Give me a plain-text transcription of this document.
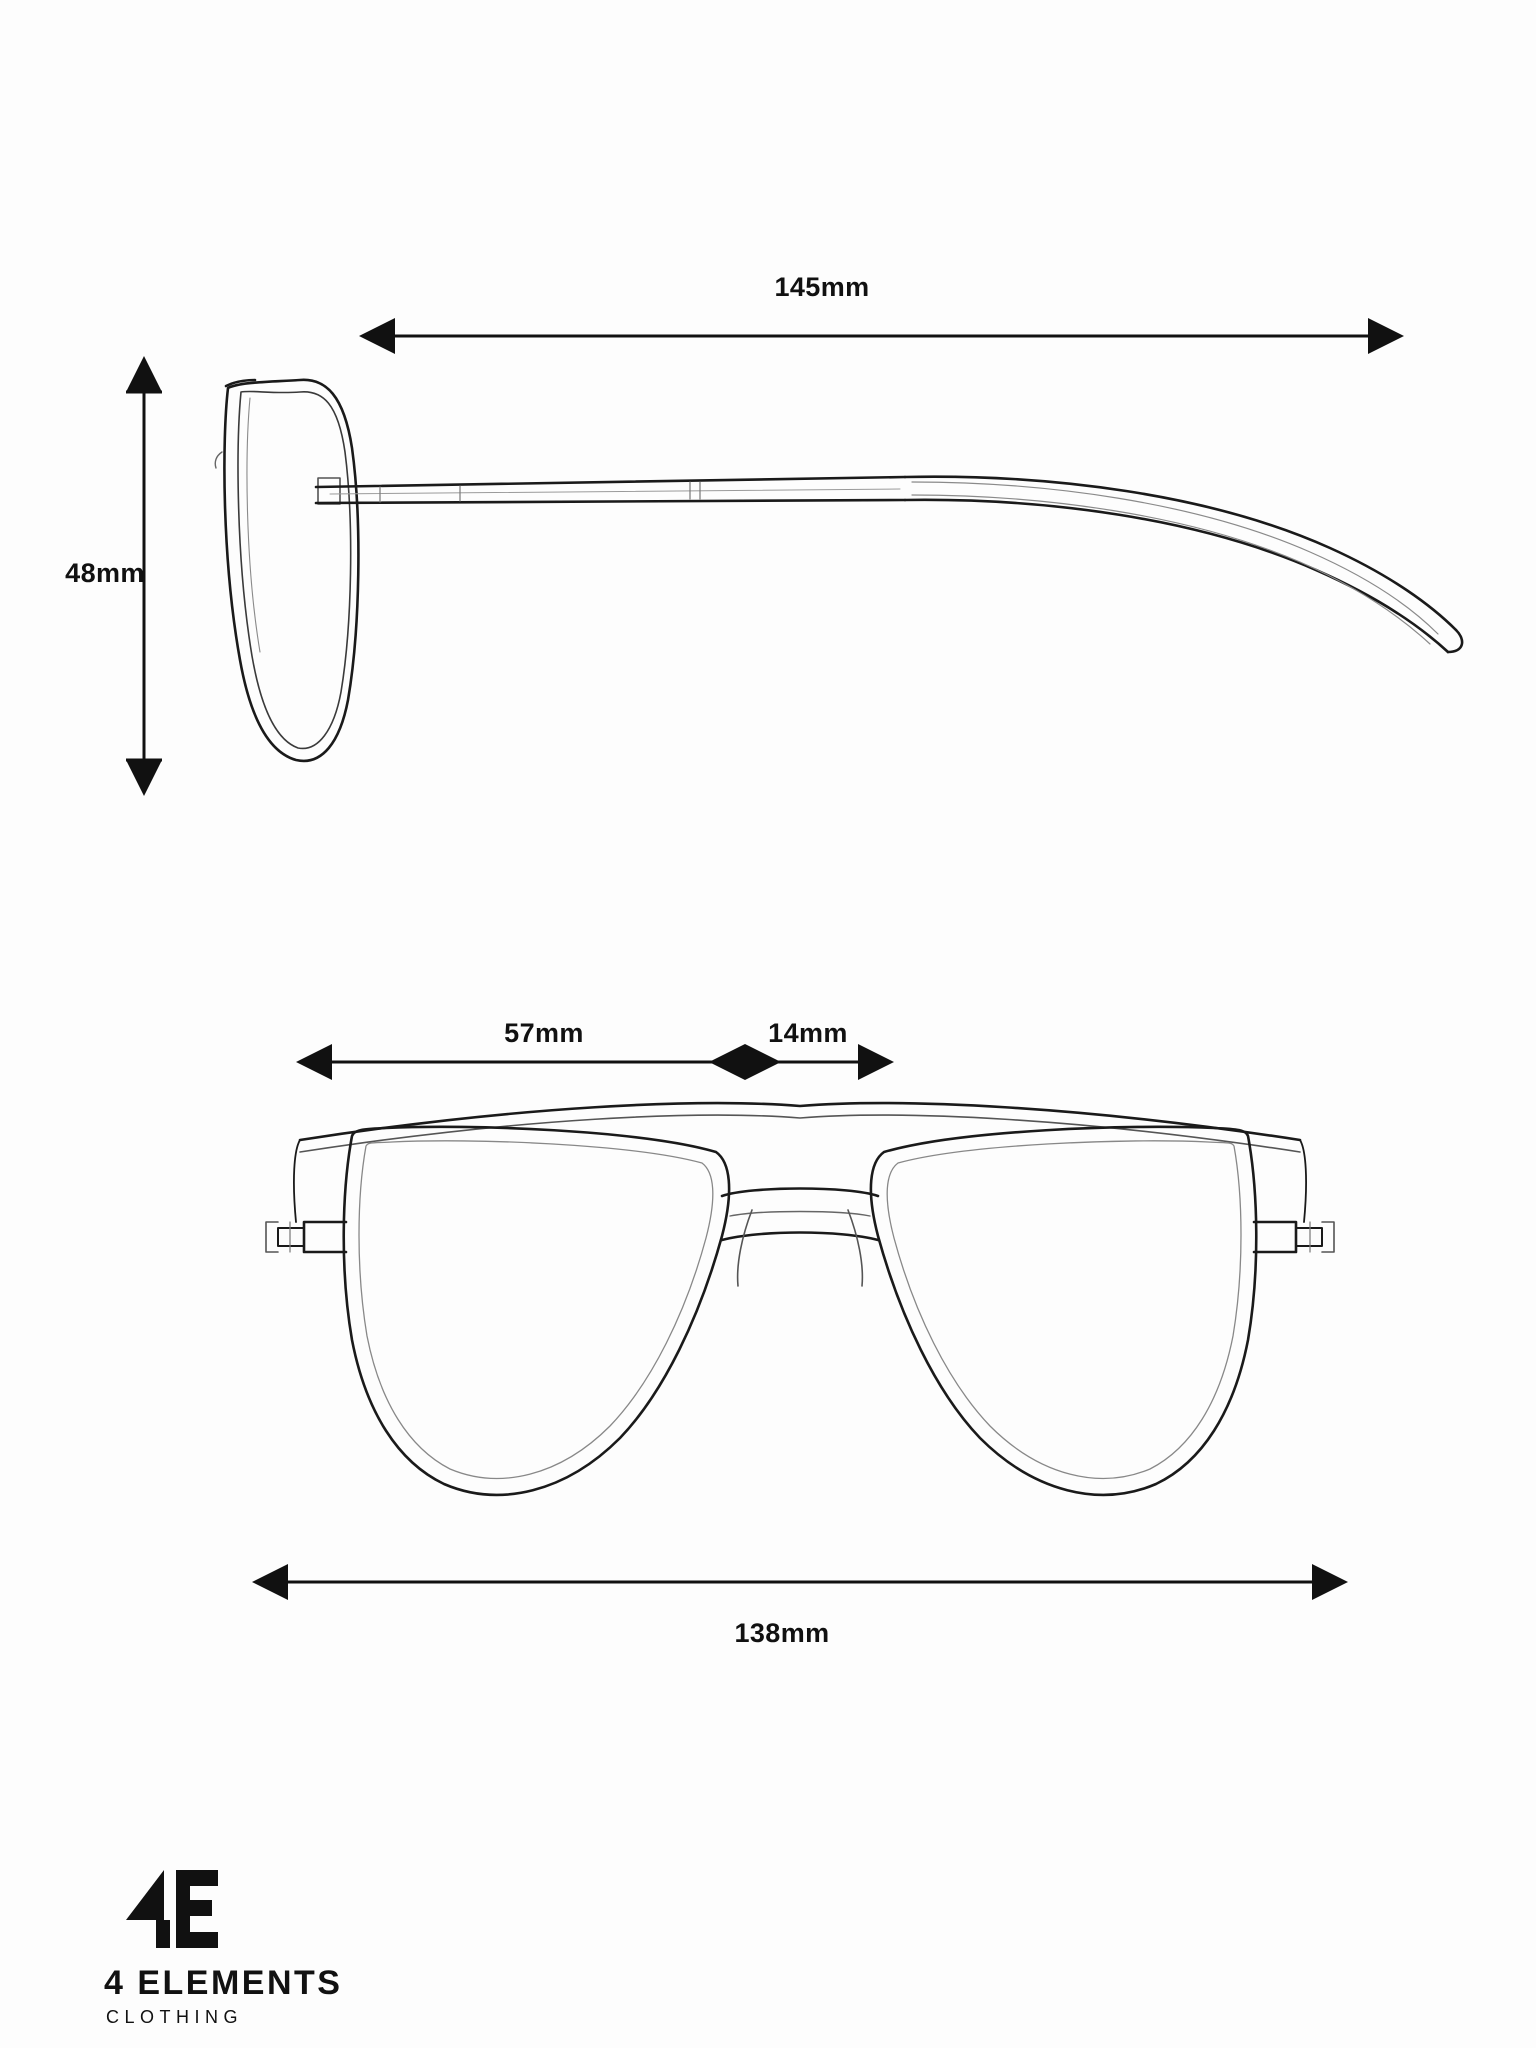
145mm
48mm
57mm	14mm
138mm
4 ELEMENTS
CLOTHING
